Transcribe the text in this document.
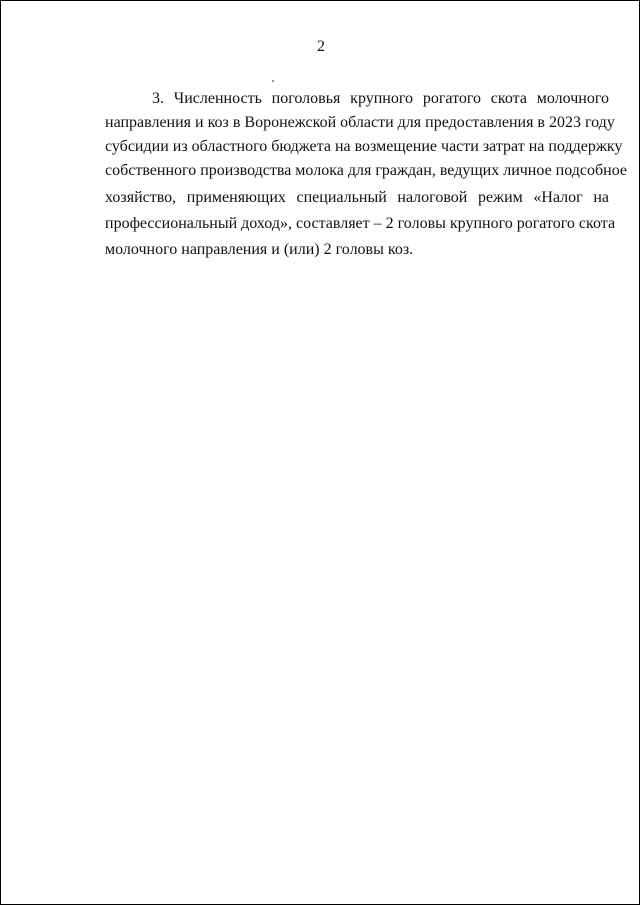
2
3. Численность поголовья крупного рогатого скота молочного
направления и коз в Воронежской области для предоставления в 2023 году
субсидии из областного бюджета на возмещение части затрат на поддержку
собственного производства молока для граждан, ведущих личное подсобное
хозяйство, применяющих специальный налоговой режим «Налог на
профессиональный доход», составляет – 2 головы крупного рогатого скота
молочного направления и (или) 2 головы коз.
